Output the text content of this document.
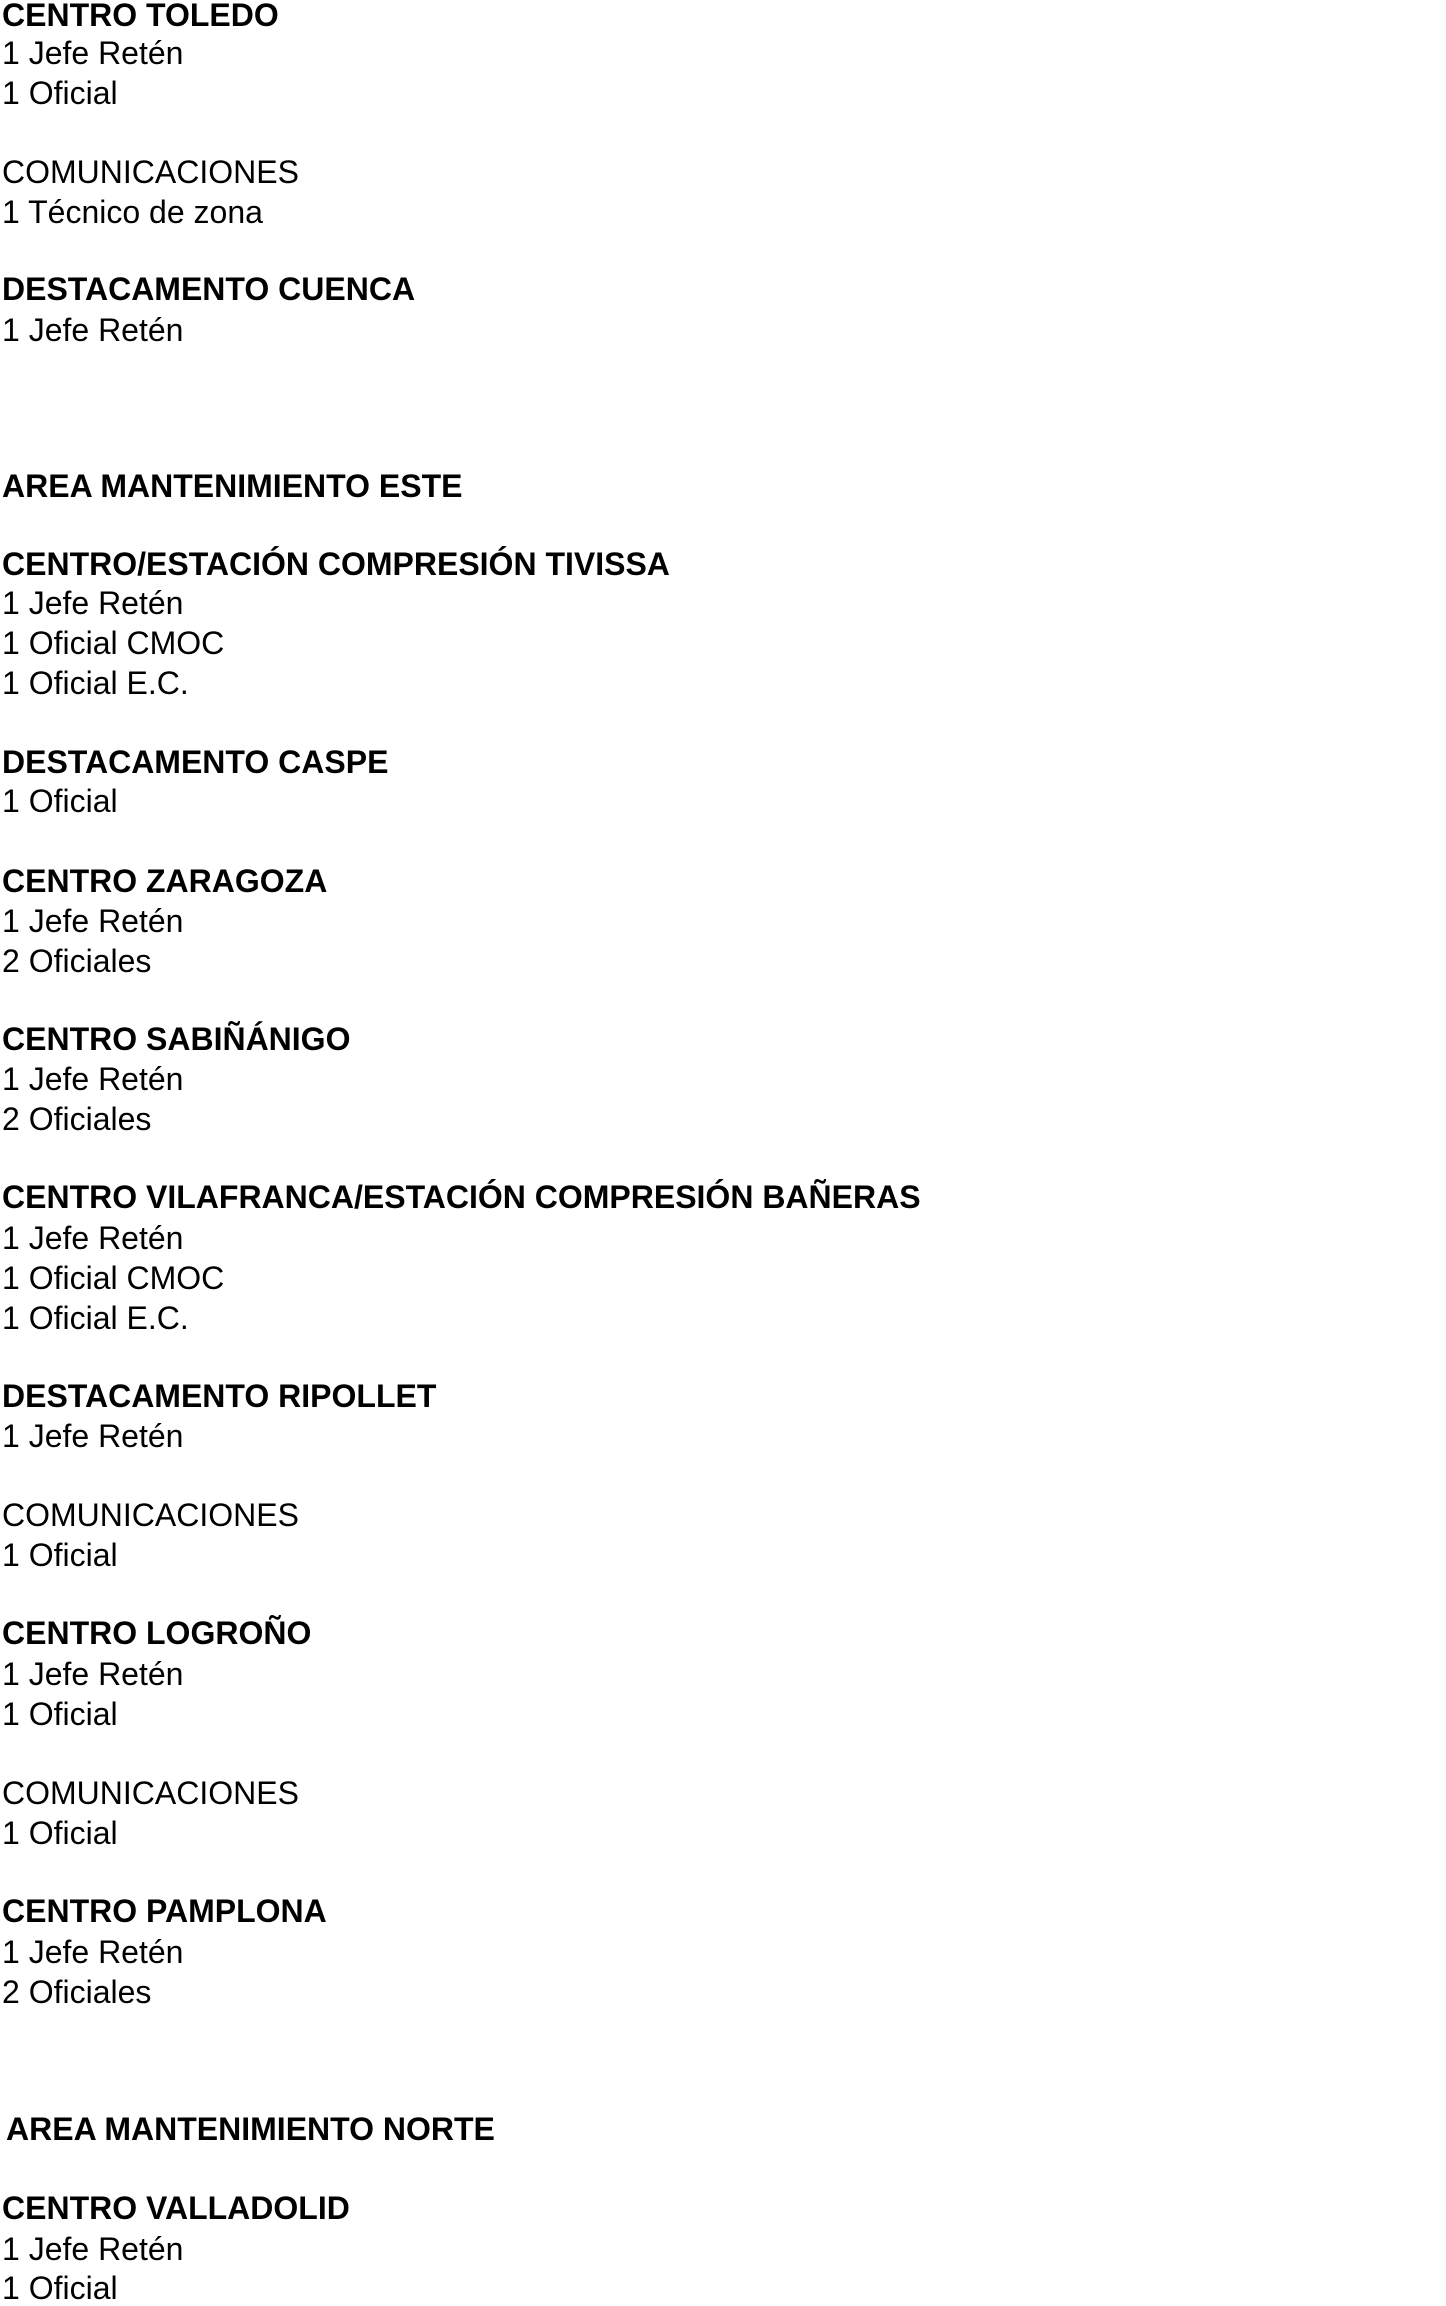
CENTRO TOLEDO
1 Jefe Retén
1 Oficial
COMUNICACIONES
1 Técnico de zona
DESTACAMENTO CUENCA
1 Jefe Retén
AREA MANTENIMIENTO ESTE
CENTRO/ESTACIÓN COMPRESIÓN TIVISSA
1 Jefe Retén
1 Oficial CMOC
1 Oficial E.C.
DESTACAMENTO CASPE
1 Oficial
CENTRO ZARAGOZA
1 Jefe Retén
2 Oficiales
CENTRO SABIÑÁNIGO
1 Jefe Retén
2 Oficiales
CENTRO VILAFRANCA/ESTACIÓN COMPRESIÓN BAÑERAS
1 Jefe Retén
1 Oficial CMOC
1 Oficial E.C.
DESTACAMENTO RIPOLLET
1 Jefe Retén
COMUNICACIONES
1 Oficial
CENTRO LOGROÑO
1 Jefe Retén
1 Oficial
COMUNICACIONES
1 Oficial
CENTRO PAMPLONA
1 Jefe Retén
2 Oficiales
AREA MANTENIMIENTO NORTE
CENTRO VALLADOLID
1 Jefe Retén
1 Oficial
